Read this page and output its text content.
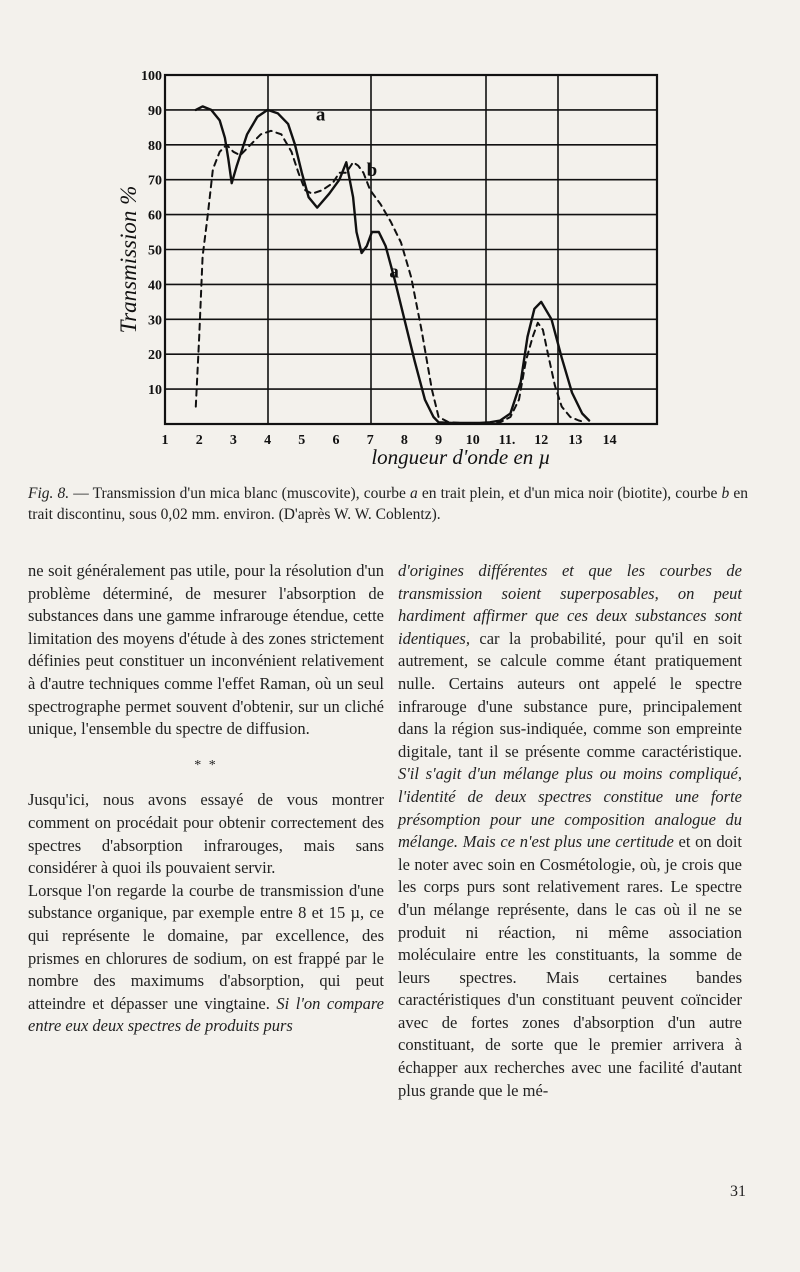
10
20
30
40
50
60
70
80
90
100
1 2 3 4 5 6 7 8 9 10 11. 12 13 14
Transmission %
longueur d'onde en µ
a
b
a

Fig. 8. — Transmission d'un mica blanc (muscovite), courbe a en trait plein, et d'un mica noir (biotite), courbe b en trait discontinu, sous 0,02 mm. environ. (D'après W. W. Coblentz).

ne soit généralement pas utile, pour la résolution d'un problème déterminé, de mesurer l'absorption de substances dans une gamme infrarouge étendue, cette limitation des moyens d'étude à des zones strictement définies peut constituer un inconvénient relativement à d'autre techniques comme l'effet Raman, où un seul spectrographe permet souvent d'obtenir, sur un cliché unique, l'ensemble du spectre de diffusion.

* *

Jusqu'ici, nous avons essayé de vous montrer comment on procédait pour obtenir correctement des spectres d'absorption infrarouges, mais sans considérer à quoi ils pouvaient servir.

Lorsque l'on regarde la courbe de transmission d'une substance organique, par exemple entre 8 et 15 µ, ce qui représente le domaine, par excellence, des prismes en chlorures de sodium, on est frappé par le nombre des maximums d'absorption, qui peut atteindre et dépasser une vingtaine. Si l'on compare entre eux deux spectres de produits purs

d'origines différentes et que les courbes de transmission soient superposables, on peut hardiment affirmer que ces deux substances sont identiques, car la probabilité, pour qu'il en soit autrement, se calcule comme étant pratiquement nulle. Certains auteurs ont appelé le spectre infrarouge d'une substance pure, principalement dans la région sus-indiquée, comme son empreinte digitale, tant il se présente comme caractéristique. S'il s'agit d'un mélange plus ou moins compliqué, l'identité de deux spectres constitue une forte présomption pour une composition analogue du mélange. Mais ce n'est plus une certitude et on doit le noter avec soin en Cosmétologie, où, je crois que les corps purs sont relativement rares. Le spectre d'un mélange représente, dans le cas où il ne se produit ni réaction, ni même association moléculaire entre les constituants, la somme de leurs spectres. Mais certaines bandes caractéristiques d'un constituant peuvent coïncider avec de fortes zones d'absorption d'un autre constituant, de sorte que le premier arrivera à échapper aux recherches avec une facilité d'autant plus grande que le mé-

31
